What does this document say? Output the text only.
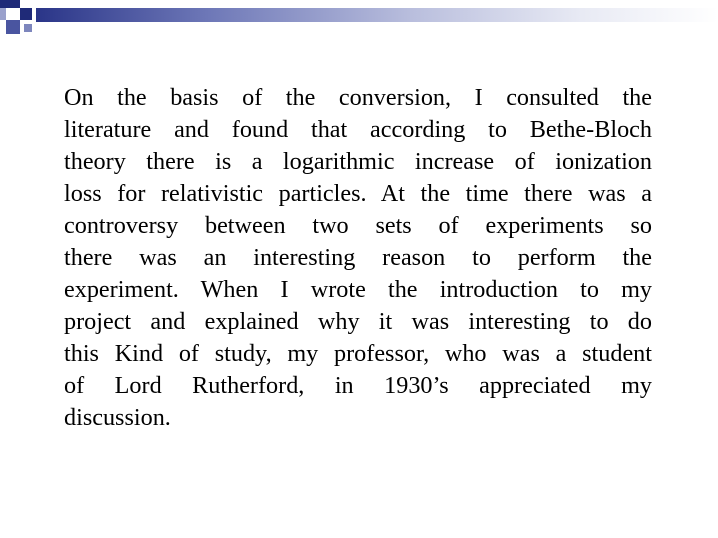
On the basis of the conversion, I consulted the
literature and found that according to Bethe-Bloch
theory there is a logarithmic increase of ionization
loss for relativistic particles. At the time there was a
controversy between two sets of experiments so
there was an interesting reason to perform the
experiment. When I wrote the introduction to my
project and explained why it was interesting to do
this Kind of study, my professor, who was a student
of Lord Rutherford, in 1930’s appreciated my
discussion.
